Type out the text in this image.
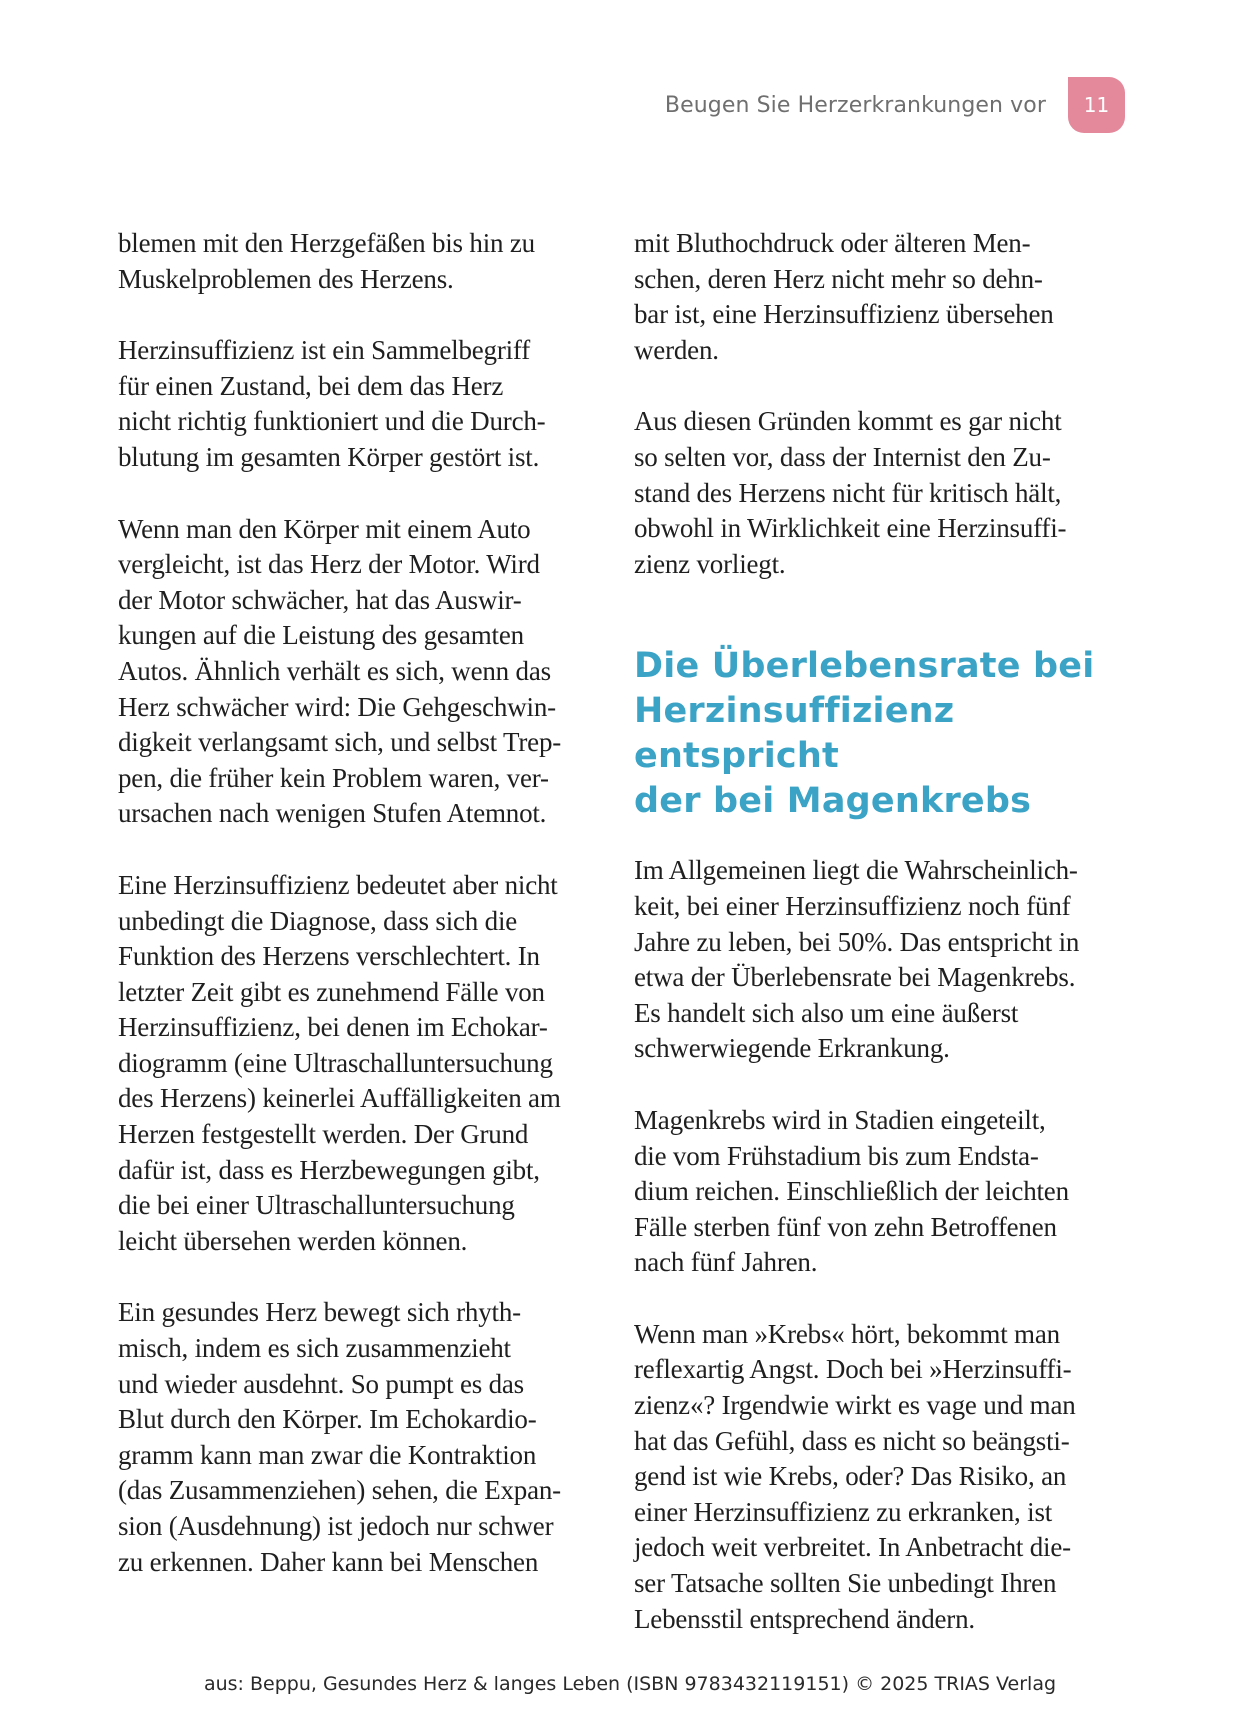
Beugen Sie Herzerkrankungen vor	11

blemen mit den Herzgefäßen bis hin zu
Muskelproblemen des Herzens.

Herzinsuffizienz ist ein Sammelbegriff
für einen Zustand, bei dem das Herz
nicht richtig funktioniert und die Durch-
blutung im gesamten Körper gestört ist.

Wenn man den Körper mit einem Auto
vergleicht, ist das Herz der Motor. Wird
der Motor schwächer, hat das Auswir-
kungen auf die Leistung des gesamten
Autos. Ähnlich verhält es sich, wenn das
Herz schwächer wird: Die Gehgeschwin-
digkeit verlangsamt sich, und selbst Trep-
pen, die früher kein Problem waren, ver-
ursachen nach wenigen Stufen Atemnot.

Eine Herzinsuffizienz bedeutet aber nicht
unbedingt die Diagnose, dass sich die
Funktion des Herzens verschlechtert. In
letzter Zeit gibt es zunehmend Fälle von
Herzinsuffizienz, bei denen im Echokar-
diogramm (eine Ultraschalluntersuchung
des Herzens) keinerlei Auffälligkeiten am
Herzen festgestellt werden. Der Grund
dafür ist, dass es Herzbewegungen gibt,
die bei einer Ultraschalluntersuchung
leicht übersehen werden können.

Ein gesundes Herz bewegt sich rhyth-
misch, indem es sich zusammenzieht
und wieder ausdehnt. So pumpt es das
Blut durch den Körper. Im Echokardio-
gramm kann man zwar die Kontraktion
(das Zusammenziehen) sehen, die Expan-
sion (Ausdehnung) ist jedoch nur schwer
zu erkennen. Daher kann bei Menschen

mit Bluthochdruck oder älteren Men-
schen, deren Herz nicht mehr so dehn-
bar ist, eine Herzinsuffizienz übersehen
werden.

Aus diesen Gründen kommt es gar nicht
so selten vor, dass der Internist den Zu-
stand des Herzens nicht für kritisch hält,
obwohl in Wirklichkeit eine Herzinsuffi-
zienz vorliegt.

Die Überlebensrate bei
Herzinsuffizienz entspricht
der bei Magenkrebs

Im Allgemeinen liegt die Wahrscheinlich-
keit, bei einer Herzinsuffizienz noch fünf
Jahre zu leben, bei 50%. Das entspricht in
etwa der Überlebensrate bei Magenkrebs.
Es handelt sich also um eine äußerst
schwerwiegende Erkrankung.

Magenkrebs wird in Stadien eingeteilt,
die vom Frühstadium bis zum Endsta-
dium reichen. Einschließlich der leichten
Fälle sterben fünf von zehn Betroffenen
nach fünf Jahren.

Wenn man »Krebs« hört, bekommt man
reflexartig Angst. Doch bei »Herzinsuffi-
zienz«? Irgendwie wirkt es vage und man
hat das Gefühl, dass es nicht so beängsti-
gend ist wie Krebs, oder? Das Risiko, an
einer Herzinsuffizienz zu erkranken, ist
jedoch weit verbreitet. In Anbetracht die-
ser Tatsache sollten Sie unbedingt Ihren
Lebensstil entsprechend ändern.

aus: Beppu, Gesundes Herz & langes Leben (ISBN 9783432119151) © 2025 TRIAS Verlag
